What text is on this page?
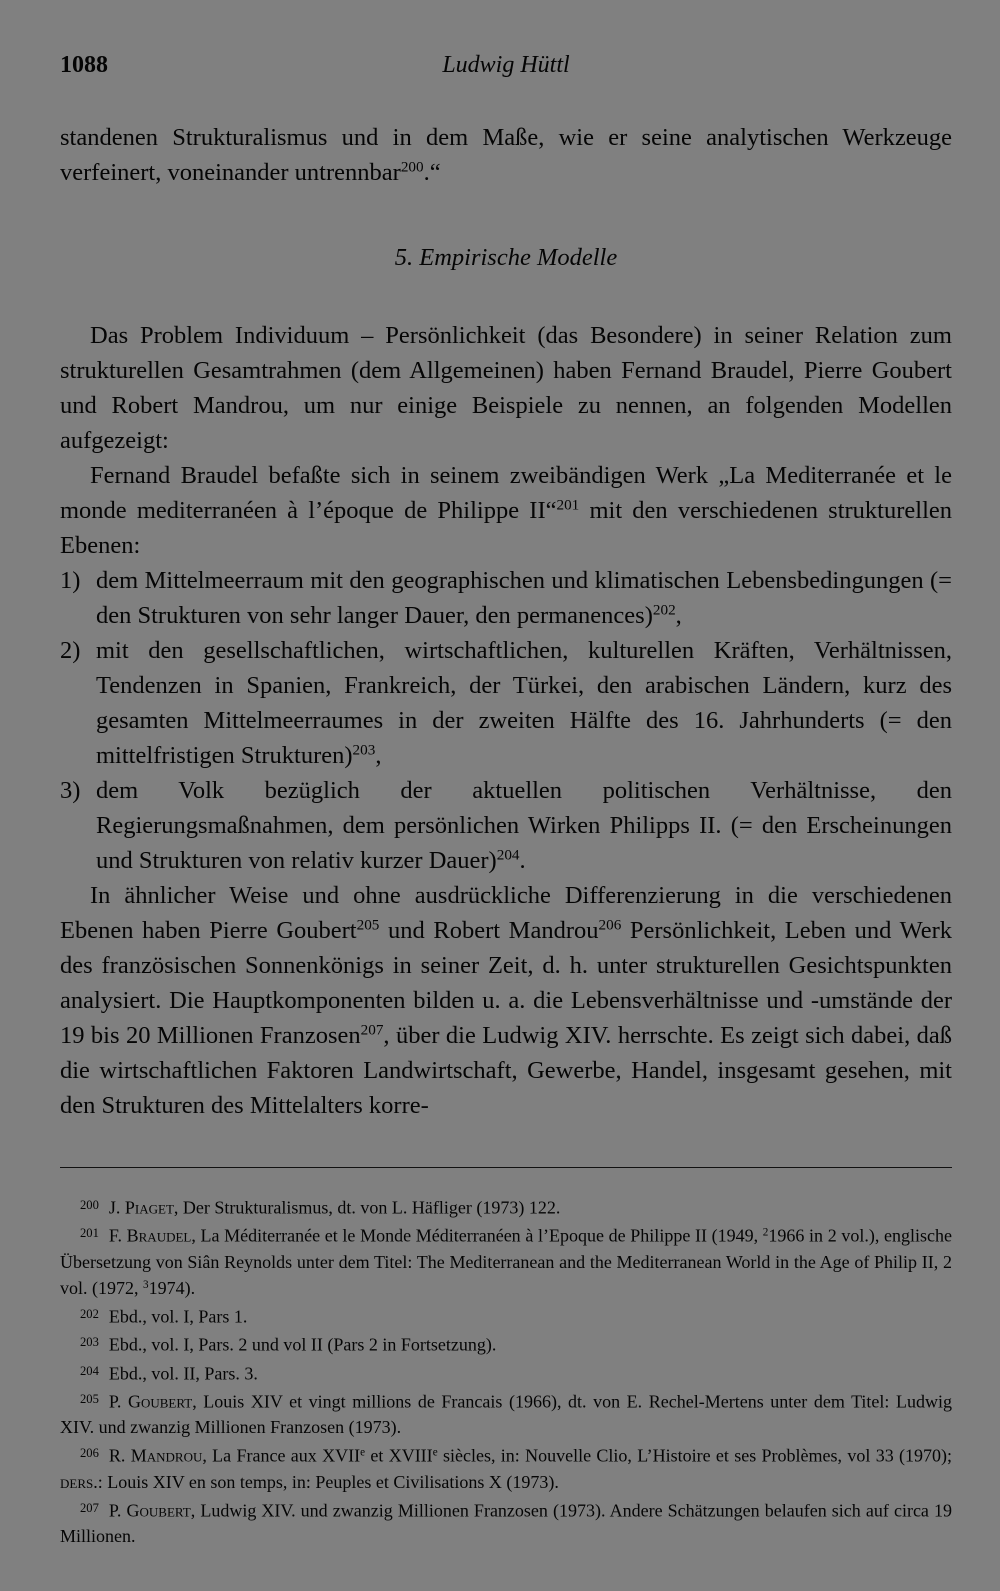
1088	Ludwig Hüttl

standenen Strukturalismus und in dem Maße, wie er seine analytischen Werkzeuge verfeinert, voneinander untrennbar$^{200}$.“

5. Empirische Modelle

Das Problem Individuum – Persönlichkeit (das Besondere) in seiner Relation zum strukturellen Gesamtrahmen (dem Allgemeinen) haben Fernand Braudel, Pierre Goubert und Robert Mandrou, um nur einige Beispiele zu nennen, an folgenden Modellen aufgezeigt:

Fernand Braudel befaßte sich in seinem zweibändigen Werk „La Mediterranée et le monde mediterranéen à l’époque de Philippe II“$^{201}$ mit den verschiedenen strukturellen Ebenen:

1) dem Mittelmeerraum mit den geographischen und klimatischen Lebensbedingungen (= den Strukturen von sehr langer Dauer, den permanences)$^{202}$,
2) mit den gesellschaftlichen, wirtschaftlichen, kulturellen Kräften, Verhältnissen, Tendenzen in Spanien, Frankreich, der Türkei, den arabischen Ländern, kurz des gesamten Mittelmeerraumes in der zweiten Hälfte des 16. Jahrhunderts (= den mittelfristigen Strukturen)$^{203}$,
3) dem Volk bezüglich der aktuellen politischen Verhältnisse, den Regierungsmaßnahmen, dem persönlichen Wirken Philipps II. (= den Erscheinungen und Strukturen von relativ kurzer Dauer)$^{204}$.

In ähnlicher Weise und ohne ausdrückliche Differenzierung in die verschiedenen Ebenen haben Pierre Goubert$^{205}$ und Robert Mandrou$^{206}$ Persönlichkeit, Leben und Werk des französischen Sonnenkönigs in seiner Zeit, d. h. unter strukturellen Gesichtspunkten analysiert. Die Hauptkomponenten bilden u. a. die Lebensverhältnisse und -umstände der 19 bis 20 Millionen Franzosen$^{207}$, über die Ludwig XIV. herrschte. Es zeigt sich dabei, daß die wirtschaftlichen Faktoren Landwirtschaft, Gewerbe, Handel, insgesamt gesehen, mit den Strukturen des Mittelalters korre-

$^{200}$ J. Piaget, Der Strukturalismus, dt. von L. Häfliger (1973) 122.
$^{201}$ F. Braudel, La Méditerranée et le Monde Méditerranéen à l’Epoque de Philippe II (1949, $^2$1966 in 2 vol.), englische Übersetzung von Siân Reynolds unter dem Titel: The Mediterranean and the Mediterranean World in the Age of Philip II, 2 vol. (1972, $^3$1974).
$^{202}$ Ebd., vol. I, Pars 1.
$^{203}$ Ebd., vol. I, Pars. 2 und vol II (Pars 2 in Fortsetzung).
$^{204}$ Ebd., vol. II, Pars. 3.
$^{205}$ P. Goubert, Louis XIV et vingt millions de Francais (1966), dt. von E. Rechel-Mertens unter dem Titel: Ludwig XIV. und zwanzig Millionen Franzosen (1973).
$^{206}$ R. Mandrou, La France aux XVIIe et XVIIIe siècles, in: Nouvelle Clio, L’Histoire et ses Problèmes, vol 33 (1970); ders.: Louis XIV en son temps, in: Peuples et Civilisations X (1973).
$^{207}$ P. Goubert, Ludwig XIV. und zwanzig Millionen Franzosen (1973). Andere Schätzungen belaufen sich auf circa 19 Millionen.
